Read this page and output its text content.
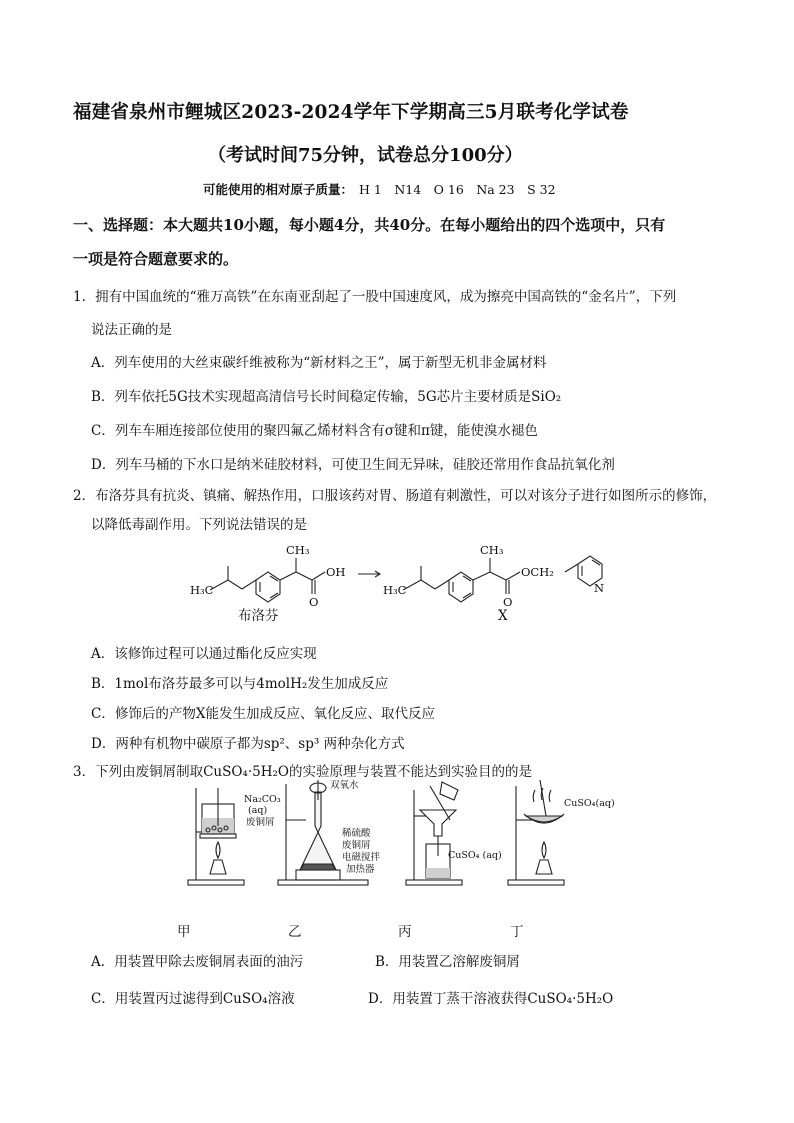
福建省泉州市鲤城区2023-2024学年下学期高三5月联考化学试卷
（考试时间75分钟，试卷总分100分）
可能使用的相对原子质量： H 1　N14　O 16　Na 23　S 32
一、选择题：本大题共10小题，每小题4分，共40分。在每小题给出的四个选项中，只有
一项是符合题意要求的。
1．拥有中国血统的“雅万高铁”在东南亚刮起了一股中国速度风，成为擦亮中国高铁的“金名片”，下列
说法正确的是
A．列车使用的大丝束碳纤维被称为“新材料之王”，属于新型无机非金属材料
B．列车依托5G技术实现超高清信号长时间稳定传输，5G芯片主要材质是SiO₂
C．列车车厢连接部位使用的聚四氟乙烯材料含有σ键和π键，能使溴水褪色
D．列车马桶的下水口是纳米硅胶材料，可使卫生间无异味，硅胶还常用作食品抗氧化剂
2．布洛芬具有抗炎、镇痛、解热作用，口服该药对胃、肠道有刺激性，可以对该分子进行如图所示的修饰，
以降低毒副作用。下列说法错误的是
H₃C
CH₃
OH
O
H₃C
CH₃
OCH₂
O
N
布洛芬	X
A．该修饰过程可以通过酯化反应实现
B．1mol布洛芬最多可以与4molH₂发生加成反应
C．修饰后的产物X能发生加成反应、氧化反应、取代反应
D．两种有机物中碳原子都为sp²、sp³ 两种杂化方式
3．下列由废铜屑制取CuSO₄·5H₂O的实验原理与装置不能达到实验目的的是
Na₂CO₃
(aq)
废铜屑
双氧水
稀硫酸
废铜屑
电磁搅拌
加热器
CuSO₄ (aq)
CuSO₄(aq)
甲	乙	丙	丁
A．用装置甲除去废铜屑表面的油污	B．用装置乙溶解废铜屑
C．用装置丙过滤得到CuSO₄溶液	D．用装置丁蒸干溶液获得CuSO₄·5H₂O
